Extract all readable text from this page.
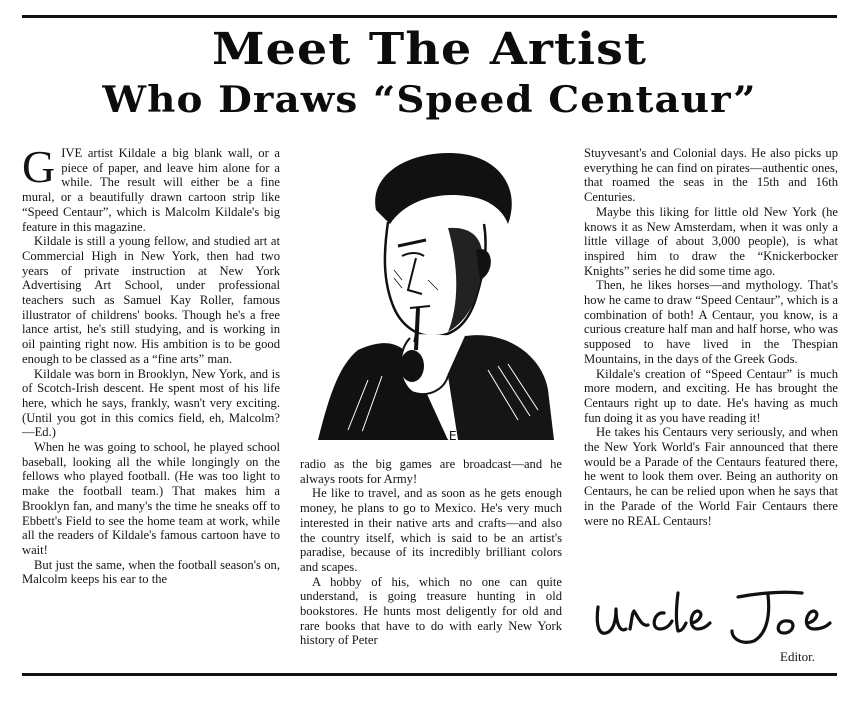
Meet The Artist
Who Draws “Speed Centaur”

GIVE artist Kildale a big blank wall, or a piece of paper, and leave him alone for a while. The result will either be a fine mural, or a beautifully drawn cartoon strip like “Speed Centaur”, which is Malcolm Kildale's big feature in this magazine.

Kildale is still a young fellow, and studied art at Commercial High in New York, then had two years of private instruction at New York Advertising Art School, under professional teachers such as Samuel Kay Roller, famous illustrator of childrens' books. Though he's a free lance artist, he's still studying, and is working in oil painting right now. His ambition is to be good enough to be classed as a “fine arts” man.

Kildale was born in Brooklyn, New York, and is of Scotch-Irish descent. He spent most of his life here, which he says, frankly, wasn't very exciting. (Until you got in this comics field, eh, Malcolm?—Ed.)

When he was going to school, he played school baseball, looking all the while longingly on the fellows who played football. (He was too light to make the football team.) That makes him a Brooklyn fan, and many's the time he sneaks off to Ebbett's Field to see the home team at work, while all the readers of Kildale's famous cartoon have to wait!

But just the same, when the football season's on, Malcolm keeps his ear to the

MALCOLM KILDALE

radio as the big games are broadcast—and he always roots for Army!

He like to travel, and as soon as he gets enough money, he plans to go to Mexico. He's very much interested in their native arts and crafts—and also the country itself, which is said to be an artist's paradise, because of its incredibly brilliant colors and scapes.

A hobby of his, which no one can quite understand, is going treasure hunting in old bookstores. He hunts most deligently for old and rare books that have to do with early New York history of Peter

Stuyvesant's and Colonial days. He also picks up everything he can find on pirates—authentic ones, that roamed the seas in the 15th and 16th Centuries.

Maybe this liking for little old New York (he knows it as New Amsterdam, when it was only a little village of about 3,000 people), is what inspired him to draw the “Knickerbocker Knights” series he did some time ago.

Then, he likes horses—and mythology. That's how he came to draw “Speed Centaur”, which is a combination of both! A Centaur, you know, is a curious creature half man and half horse, who was supposed to have lived in the Thespian Mountains, in the days of the Greek Gods.

Kildale's creation of “Speed Centaur” is much more modern, and exciting. He has brought the Centaurs right up to date. He's having as much fun doing it as you have reading it!

He takes his Centaurs very seriously, and when the New York World's Fair announced that there would be a Parade of the Centaurs featured there, he went to look them over. Being an authority on Centaurs, he can be relied upon when he says that in the Parade of the World Fair Centaurs there were no REAL Centaurs!

Editor.
